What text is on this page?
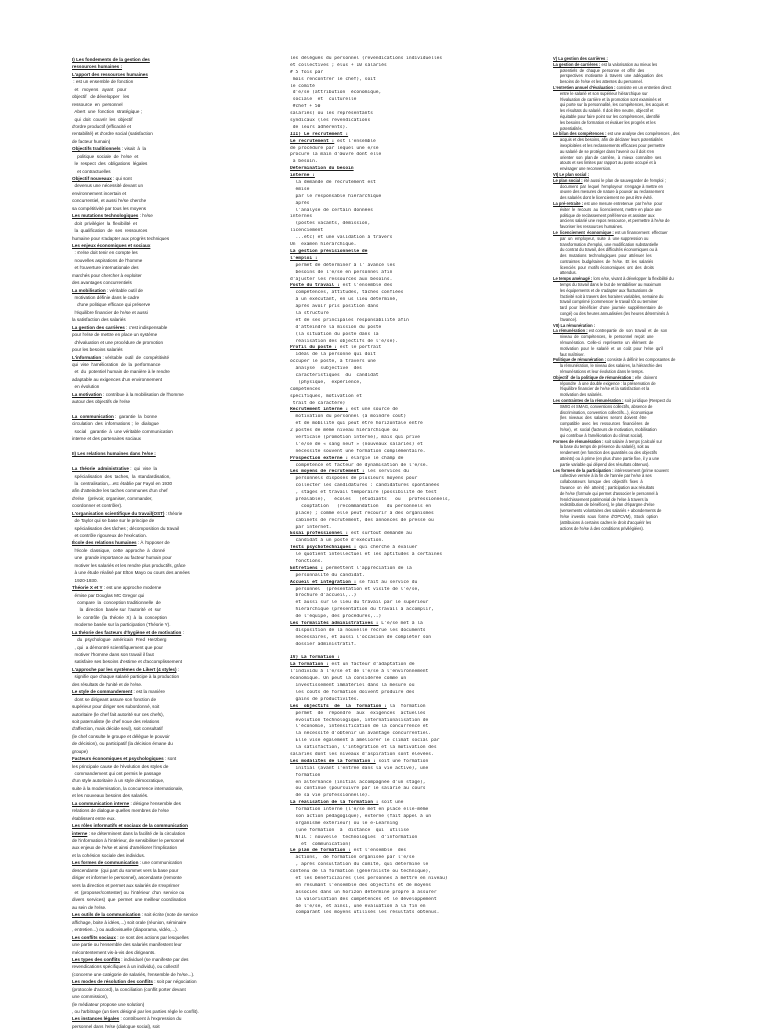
I) Les fondements de la gestion des
ressources humaines :
L'apport des ressources humaines
: est un ensemble de fonction
et   moyens   ayant   pour
objectif   de développer   les
ressource  en  personnel
Abert  une  fonction  stratégique ;
qui  doit  couvrir  les  objectif
d'ordre productif (efficacité et
rentabilité) et d'ordre social (satisfaction
de facteur humain)
Objectifs traditionnels : visait  à  la
politique  sociale  de  l'e/se  et
le  respect  des  obligations  légales
et contractuelles
Objectif nouveaux : qui sont
devenus une nécessité devant un
environnement incertain et
concurrentiel, et aussi l'e/se cherche
sa compétitivité par tous les moyens
Les mutations technologiques : l'e/se
doit  privilégier  la  flexibilité  et
la  qualification  de  ses  ressources
humaine pour s'adapter aux progrès techniques
Les enjeux économiques et sociaux
: s'e/se doit tenir en compte les
nouvelles aspirations de l'homme
et l'ouverture internationale des
marchés pour chercher à exploiter
des avantages concurrentiels
La mobilisation : véritable outil de
motivation définie dans le cadre
d'une politique efficace qui préserve
l'équilibre financier de l'e/se et aussi
la satisfaction des salariés
La gestion des carrières : c'est indispensable
pour l'e/se de mettre en place un système
d'évaluation et une procédure de promotion
pour les besoins salariés
L'information : véritable  outil  de  compétitivité
qui  vise  l'amélioration  de  la  performance
et  du  potentiel humain de manière à le rendre
adaptable au exigences d'un environnement
en évolution
La motivation : contribue à la mobilisation de l'homme
autour des objectifs de l'e/se
La  communication :  garantie  la  bonne
circulation  des  informations ;  le  dialogue
social   garantie  à  une véritable communication
interne et des partenaires sociaux
II) Les relations humaines dans l'e/se :
La  théorie  administrative :  qui  vise  la
spécialisation  des  taches,  la  standardisation,
la  centralisation,...etc établie par Fayol en 1930
afin d'atteindre les taches communes d'un chef
d'e/se   (prévoir, organiser, commander,
coordonner et contrôler).
L'organisation scientifique du travail(OST) : théorie
de Taylor qui se base sur le principe de
spécialisation des tâches ; décomposition du travail
et contrôle rigoureux de l'exécution.
École des relations humaines : À l'opposer de
l'école  classique,  cette  approche  à  donné
une  grande importance au facteur humain pour
motiver les salariés et les rendre plus productifs, grâce
à une étude réalisé par Elton Mayo ou cours des années
1920-1930.
Théorie X et Y : est une approche moderne
émise par Douglas MC Gregor qui
compare  la  conception traditionnelle  de
la  direction  basée sur  l'autorité  et  sur
le  contrôle  (la  théorie  X)  à  la  conception
moderne basée sur la participation (Théorie Y).
La théorie des facteurs d'hygiène et de motivation :
du  psychologue  américain  Fred  Herzberg
, qui  a démontré scientifiquement que pour
motiver l'homme dans son travail il faut
satisfaire ses besoins d'estime et d'accomplissement
L'approche par les systèmes de Likert (4 styles) :
signifie que chaque salarié participe à la production
des résultats de l'unité et de l'e/se.
Le style de commandement : est la manière
dont se dirigeant assure son fonction de
supérieur pour diriger ses subordonné, soit
autoritaire (le chef fait autorité sur ces chefs),
soit paternaliste (le chef noue des relations
d'affection, mais décide seul), soit consultatif
(le chef consulte le groupe et délègue le pouvoir
de décision), ou participatif (la décision émane du
groupe)
Facteurs économiques et psychologiques : sont
les principale cause de l'évolution des styles de
commandement qui ont permis le passage
d'un style autoritaire à un style démocratique,
suite à la modernisation, la concurrence internationale,
et les nouveaux besoins des salariés.
La communication interne : désigne l'ensemble des
relations de dialogue quelles membres de l'e/se
établissent entre eux.
Les rôles informatifs et sociaux de la communication
interne : se déterminent dans la facilité de la circulation
de l'information à l'intérieur, de sensibiliser le personnel
aux enjeux de l'e/se et ainsi d'améliorer l'implication
et la cohésion sociale des individus.
Les formes de communication : une communication
descendante  (qui part du sommet vers la base pour
diriger et informer le personnel), ascendante (remonte
vers la direction et permet aux salariés de s'exprimer
et  (proposer/contester) ou  l'intérieur  d'un  service ou
divers  services)  que  permet  une meilleur coordination
au sein de l'e/se.
Les outils de la communication : soit écrite (note de service
affichage, boite à idées,...) soit orale (réunion, séminaire
, entretien...) ou audiovisuelle (diaporama, vidéo,...).
Les conflits sociaux : ce sont des actions par lesquelles
une partie ou l'ensemble des salariés manifestent leur
mécontentement vis-à-vis des dirigeants.
Les types des conflits : individuel (se manifeste par des
revendications spécifiques à un individu), ou collectif
(concerne une catégorie de salariés, l'ensemble de l'e/se...).
Les modes de résolution des conflits : soit par négociation
(protocole d'accord), la conciliation (conflit porter devant
une commission),
(le médiateur propose une solution)
, ou l'arbitrage (un tiers désigné par les parties règle le conflit).
Les instances légales : contribuent à l'expression du
personnel dans l'e/se (dialogue social), soit
les délégués du personnel (revendications individuelles
et collectives ; élus + 10 salariés
# 5 fois par
mois rencontrer le chef), soit
le comité
d'e/se (attribution  économique,
sociale  et  culturelle
#chef + 50
salariés) ou les représentants
syndicaux (les revendications
de leurs adhérents).
III) Le recrutement :
Le recrutement : est l'ensemble
de procédure par lequel une e/se
procure la main d'œuvre dont elle
a besoin.
Détermination du besoin
interne :
la demande de recrutement est
émise
par le responsable hiérarchique
après
l'analyse de certain données
internes
(postes vacants, démission,
licenciement
...etc) et une validation à travers
Un  examen hiérarchique.
La gestion prévisionnelle de
l'emploi :
permet de déterminer à l' avance les
besoins de l'e/se en personnel afin
d'ajuster les ressources aux besoins.
Poste du travail : est l'ensemble des
compétences, attitudes, tâches confiées
à un exécutant, en us lieu déterminé,
après avoir pris position dans
la structure
et de ses principales responsabilité afin
d'atteindre la mission du poste
(la situation du poste dans la
réalisation des objectifs de l'e/se).
Profil du poste : est le portrait
idéal de la personne qui doit
occuper le poste, à travers une
analyse  subjective  des
caractéristiques  du  candidat
(physique,  expérience,
compétences
spécifiques, motivation et
trait de caractère)
Recrutement interne : est une source de
motivation du personnel (à moindre coût)
et de mobilité qui peut être horizontale entre
2 postes de même niveau hiérarchique ou
verticale (promotion interne), mais qui prive
l'e/se de « sang neuf » (nouveaux salariés) et
nécessite souvent une formation complémentaire.
Prospection externe : élargie le champ de
compétence et facteur de dynamisation de l'e/se.
Les moyens de recrutement : les services du
personnels disposes de plusieurs moyens pour
collecter les candidatures : candidatures spontanées
, stages et travail temporaire (possibilité de test
préalable),   écoles   (étudiants   ou   professionnels,
cooptation   (recommandation   du personnels en
place) ; comme elle peut recourir à des organismes
cabinets de recrutement, des annonces de presse ou
par internet.
Essai professionnel : est surtout demandé au
candidat à un poste d'exécution.
Tests psychotechniques : qui cherche à évaluer
le quotient intellectuel et les aptitudes à certaines
fonctions.
Entretiens : permettent l'appréciation de la
personnalité du candidat.
Accueil et intégration : se fait au service du
personnel  (présentation et visite de l'e/se,
brochure d'accueil,..)
et aussi sur le lieu du travail par le supérieur
hiérarchique (présentation du travail à accomplir,
de l'équipe, des procédures,..)
Les formalités administratives : L'e/se met à la
disposition de la nouvelle recrue les documents
nécessaires, et aussi l'occasion de compléter son
dossier administratif.
IV) La formation :
La formation : est un facteur d'adaptation de
l'individu à l'e/se et de l'e/se à l'environnement
économique. On peut la considérée comme un
investissement immatériel dans la mesure où
les coûts de formation doivent produire des
gains de productivités.
Les  objectifs  de  la  formation : la  formation
permet  de  répondre  aux  exigences  actuelles
évolution technologique, internationalisation de
l'économie, intensification de la concurrence et
la nécessité d'obtenir un avantage concurrentiel.
Elle vise également à améliorer le climat social par
la satisfaction, l'intégration et la motivation des
salariés dont les niveaux d'aspiration sont élevées.
Les modalités de la formation : soit une formation
initial (avant l'entrée dans la vie active), une
formation
en alternance (initial accompagnée d'un stage),
ou continue (poursuivre par le salarié au cours
de sa vie professionnelle).
La réalisation de la formation : soit une
formation interne (l'e/se met en place elle-même
son action pédagogique), externe (fait appel à un
organisme extérieur) ou le e-Learning
(une formation  à  distance  qui  utilise
NTIC : nouvelle  technologies  d'information
et  communication)
Le plan de formation : est l'ensemble  des
actions,  de formation organisée par l'e/se
, après consultation du comité, qui détermine le
contenu de la formation (généraliste ou technique),
et les bénéficiaires (les personnes à mettre en niveau)
en résumant l'ensemble des objectifs et de moyens
associés dans un horizon déterminé propre à assurer
la valorisation des compétences et le développement
de l'e/se, et ainsi, une évaluation à la fin en
comparant les moyens utilisés les résultats obtenus.
V) La gestion des carrières :
La gestion de carrières : est la valorisation au mieux les
potentiels  de  chaque  personne  et  offrir  des
perspectives  motivante  à  travers  une  adéquation  des
besoins de l'e/se et les attentes du personnel.
L'entretien annuel d'évaluation : consiste en un entretien direct
entre le salarié et son supérieur hiérarchique sur
l'évaluation de carrière et la promotion sont examinés et
qui porte sur la personnalité, les compétences, les acquis et
les résultats du salarié. Il doit être neutre, objectif et
équitable pour faire point sur les compétences, identifié
les besoins de formation et évaluer les progrès et les
potentialités.
Le bilan des compétences : est une analyse des compétences , des
acquis et des besoins, afin de déclarer leurs potentialités
inexploitées et les reclassements efficaces pour permettre
au salarié de se protéger dans l'avenir ou il doit s'en
orienter  son  plan de  carrière,  à  mieux  connaître  ses
atouts et ses limites par rapport au poste occupé et à
envisager une reconversion.
VI) Le plan social :
Le plan social : été aussi le plan de sauvegarder de l'emploi ;
document  par  lequel  l'employeur  s'engage à mettre en
œuvre des mesures de nature à pouvoir au reclassement
des salariés dont le licenciement ne peut être évité.
La pré-retraite : est une mesure entretenue  par l'e/se  pour
éviter  le  recours  au  licenciement, mettre en place une
politique de reclassement préférence et assister aux
anciens salarié une repos ressource, et permettre à l'e/se de
favoriser les ressources humaines.
Le  licenciement  économique : est un financement  effectuer
par  un  employeur,  suite  à  une suppression ou
transformation d'emploi, une modification substantielle
du contrat du travail, des difficultés économiques ou à
des  mutations  technologiques  pour  atténuer  les
contraintes  budgétaires  de  l'e/se.  Et  les  salariés
licenciés  pour  motifs économiques  ont  des  droits
attendus.
Le temps aménagé : lors e/se, vivant à développer la flexibilité du
temps du travail dans le but de rentabiliser au maximum
les équipements et de s'adapter aux fluctuations de
l'activité soit à travers des horaires variables, semaine du
travail comprimé (commencer le travail tôt ou terminer
tard  pour  bénéficier  d'une  journée  supplémentaire  de
congé) ou des heures annualisées (les heures déterminés à
l'avance).
VII) La rémunération :
La rémunération : est contrepartie  de  son  travail  et  de  son
niveau  de  compétences,  le  personnel  reçoit  une
rémunération.  Celle-ci  représente  un  élément  de
motivation  pour  le  salarié  et  un  coût  pour  l'e/se  qu'il
faut maîtriser.
Politique de rémunération : consiste à définir les composantes de
la rémunération, le niveau des salaires, la hiérarchie des
rémunérations et leur évolution dans le temps.
Objectif  de la politique de rémunération : elle  doivent
répondre  à une double exigence : la préservation de
l'équilibre financier de l'e/se et la satisfaction et la
motivation des salariés.
Les contraintes de la rémunération : soit juridique (Respect du
SMIG et SMAG, conventions collectifs, absence de
discrimination, convention collectifs...), économique
(les  niveaux  des  salaires  seront  doivent  être
compatible  avec  les  ressources  financières  de
l'e/se),  et  social (facteurs de motivation, mobilisation
qui contribue à l'amélioration du climat social).
Formes de rémunération : soit salaire à temps (calculé sur
la base du temps de présence du salarié), soit au
rendement (en fonction des quantités ou des objectifs
atteints) ou à prime (en plus d'une partie fixe, il y a une
partie variable qui dépend des résultats obtenus).
Les formes de la participation : intéressement (prime souvent
collective versée à la fin de l'année par l'e/se à ses
collaborateurs  lorsque  des  objectifs  fixes  à
l'avance  on  été  atteint) ; participation aux résultats
de l'e/se (formule qui permet d'associer le personnel à
l'enrichissement patrimonial de l'e/se à travers la
redistribution de bénéfices), le plan d'épargne d'e/se
(versements volontaires des salariés + abondements de
l'e/se  investis  sous  forme  d'OPCVM),  Stock  option
(attribuions à certains cadres le droit d'acquérir les
actions de l'e/se à des conditions privilégiées).
